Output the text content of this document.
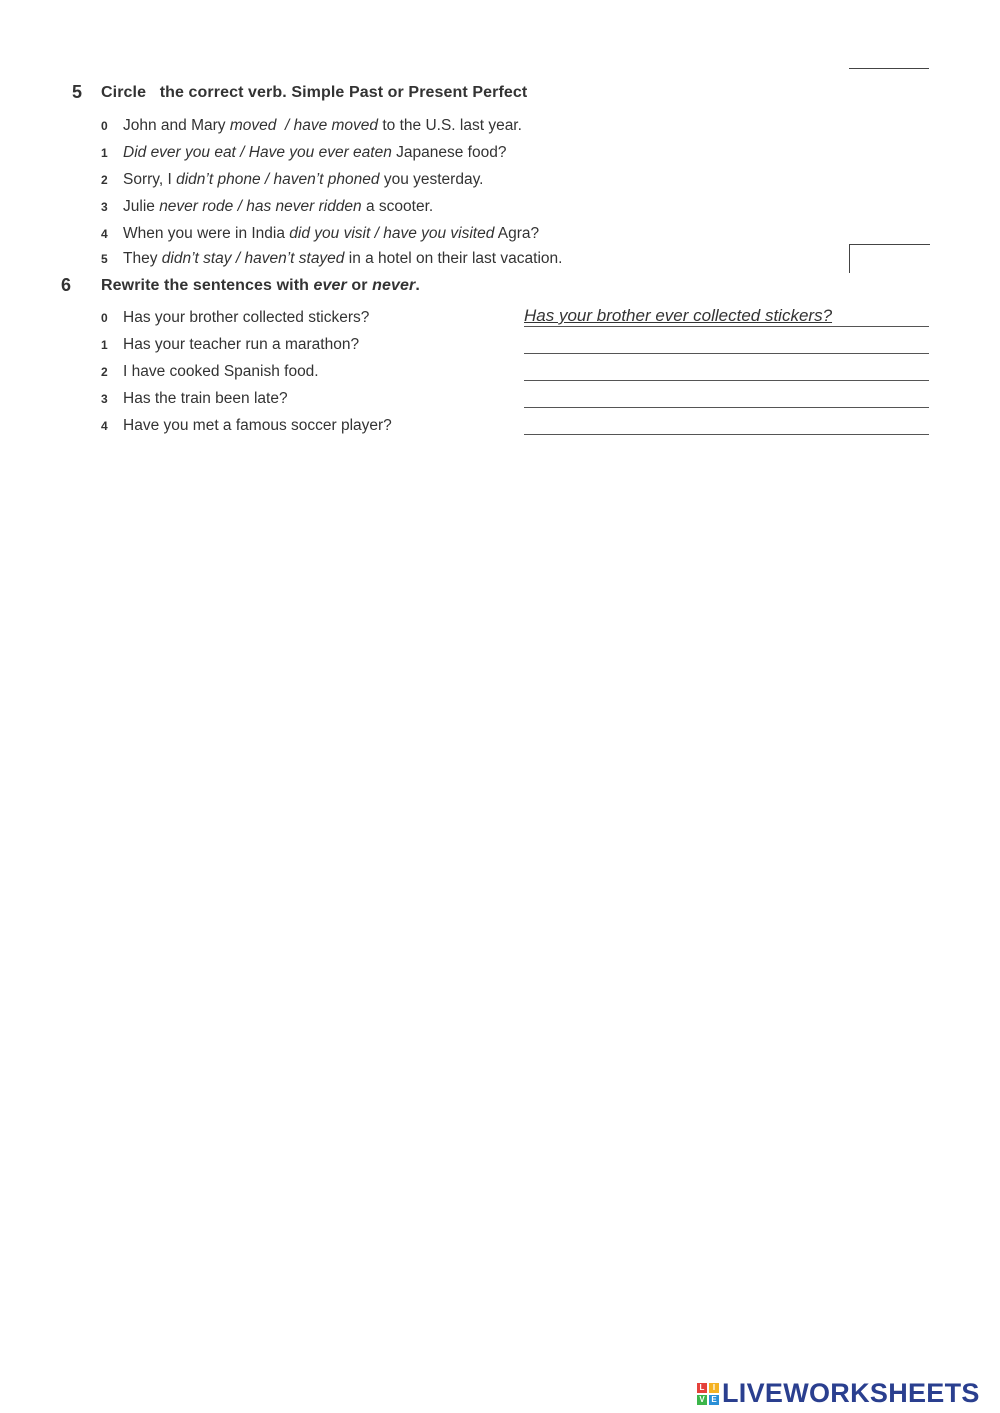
5 Circle   the correct verb. Simple Past or Present Perfect
0 John and Mary moved  / have moved to the U.S. last year.
1 Did ever you eat / Have you ever eaten Japanese food?
2 Sorry, I didn’t phone / haven’t phoned you yesterday.
3 Julie never rode / has never ridden a scooter.
4 When you were in India did you visit / have you visited Agra?
5 They didn’t stay / haven’t stayed in a hotel on their last vacation.
6 Rewrite the sentences with ever or never.
0 Has your brother collected stickers?	Has your brother ever collected stickers?
1 Has your teacher run a marathon?
2 I have cooked Spanish food.
3 Has the train been late?
4 Have you met a famous soccer player?
L	I
V E LIVEWORKSHEETS
